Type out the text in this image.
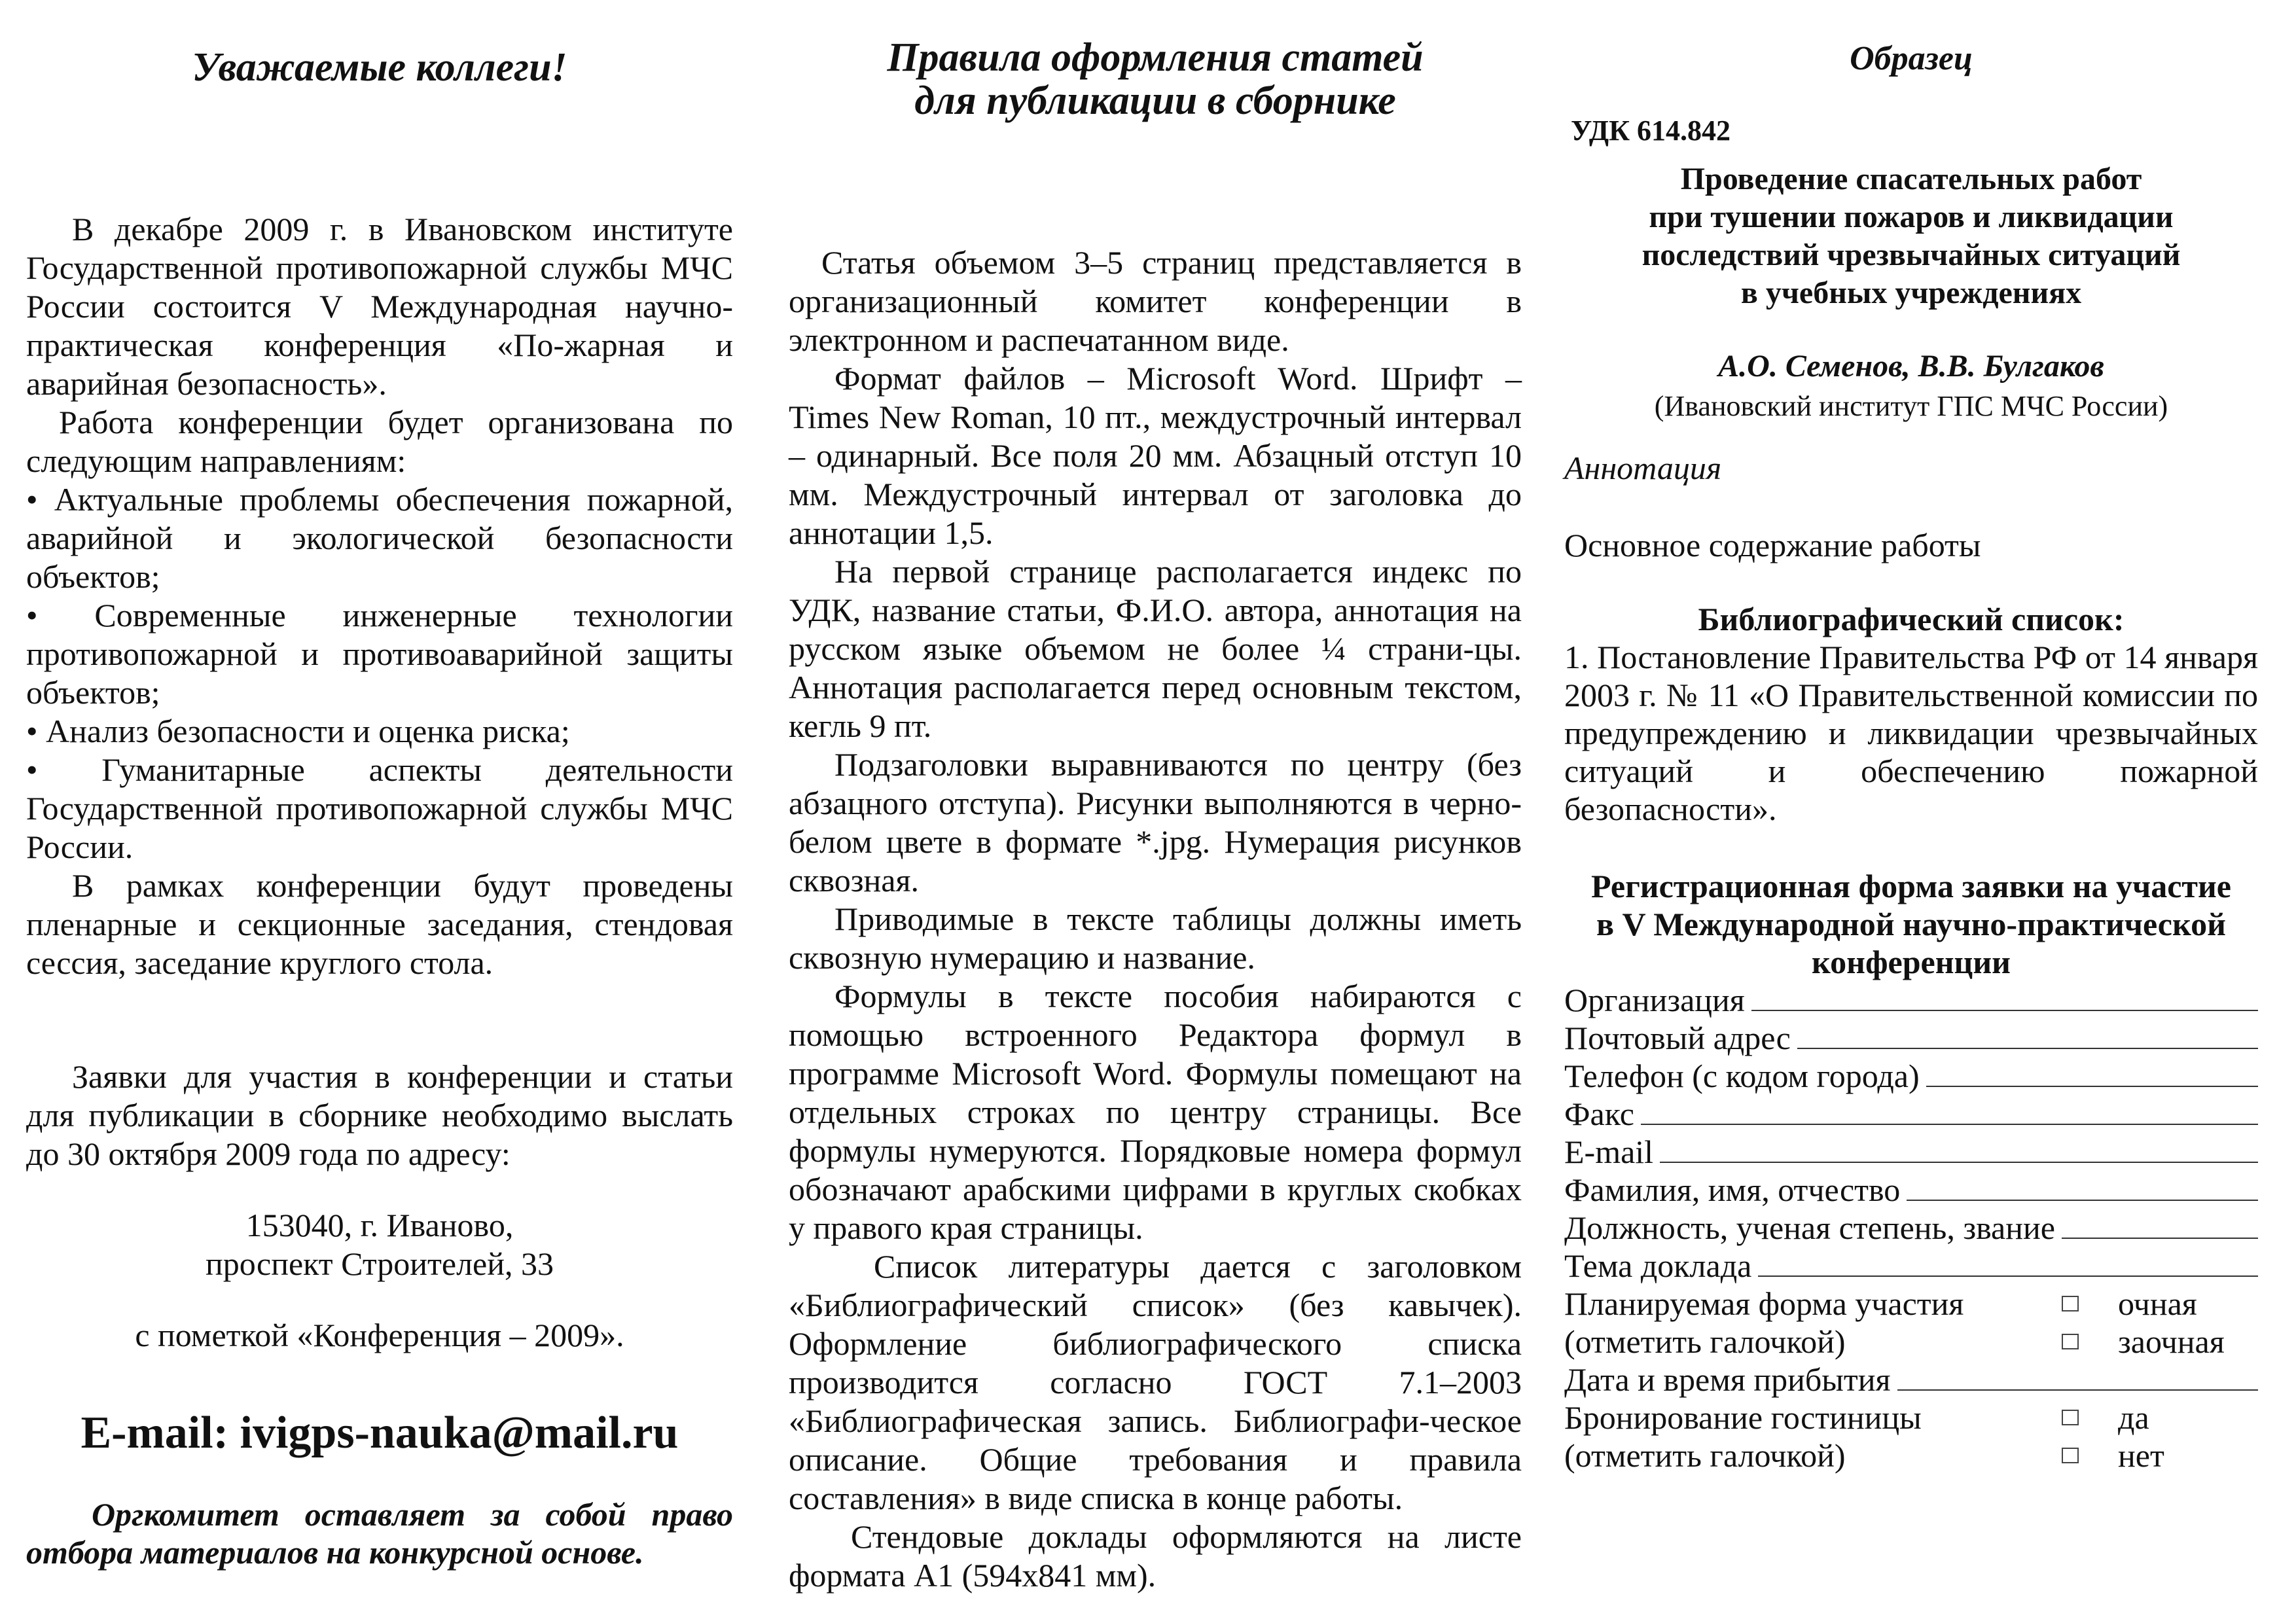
Уважаемые коллеги!

В декабре 2009 г. в Ивановском институте Государственной противопожарной службы МЧС России состоится V Международная научно-практическая конференция «По-жарная и аварийная безопасность».

Работа конференции будет организована по следующим направлениям:

• Актуальные проблемы обеспечения пожарной, аварийной и экологической безопасности объектов;

• Современные инженерные технологии противопожарной и противоаварийной защиты объектов;

• Анализ безопасности и оценка риска;

• Гуманитарные аспекты деятельности Государственной противопожарной службы МЧС России.

В рамках конференции будут проведены пленарные и секционные заседания, стендовая сессия, заседание круглого стола.

Заявки для участия в конференции и статьи для публикации в сборнике необходимо выслать до 30 октября 2009 года по адресу:

153040, г. Иваново,

проспект Строителей, 33

с пометкой «Конференция – 2009».

E-mail: ivigps-nauka@mail.ru

Оргкомитет оставляет за собой право отбора материалов на конкурсной основе.

Правила оформления статей
для публикации в сборнике

Статья объемом 3–5 страниц представляется в организационный комитет конференции в электронном и распечатанном виде.

Формат файлов – Microsoft Word. Шрифт – Times New Roman, 10 пт., междустрочный интервал – одинарный. Все поля 20 мм. Абзацный отступ 10 мм. Междустрочный интервал от заголовка до аннотации 1,5.

На первой странице располагается индекс по УДК, название статьи, Ф.И.О. автора, аннотация на русском языке объемом не более ¼ страни-цы. Аннотация располагается перед основным текстом, кегль 9 пт.

Подзаголовки выравниваются по центру (без абзацного отступа). Рисунки выполняются в черно-белом цвете в формате *.jpg. Нумерация рисунков сквозная.

Приводимые в тексте таблицы должны иметь сквозную нумерацию и название.

Формулы в тексте пособия набираются с помощью встроенного Редактора формул в программе Microsoft Word. Формулы помещают на отдельных строках по центру страницы. Все формулы нумеруются. Порядковые номера формул обозначают арабскими цифрами в круглых скобках у правого края страницы.

Список литературы дается с заголовком «Библиографический список» (без кавычек). Оформление библиографического списка производится согласно ГОСТ 7.1–2003 «Библиографическая запись. Библиографи-ческое описание. Общие требования и правила составления» в виде списка в конце работы.

Стендовые доклады оформляются на листе формата А1 (594х841 мм).

Образец

УДК 614.842

Проведение спасательных работ
при тушении пожаров и ликвидации
последствий чрезвычайных ситуаций
в учебных учреждениях

А.О. Семенов, В.В. Булгаков

(Ивановский институт ГПС МЧС России)

Аннотация

Основное содержание работы

Библиографический список:

1. Постановление Правительства РФ от 14 января 2003 г. № 11 «О Правительственной комиссии по предупреждению и ликвидации чрезвычайных ситуаций и обеспечению пожарной безопасности».

Регистрационная форма заявки на участие
в V Международной научно-практической
конференции

Организация
Почтовый адрес
Телефон (с кодом города)
Факс
E-mail
Фамилия, имя, отчество
Должность, ученая степень, звание
Тема доклада
Планируемая форма участия	очная
(отметить галочкой)	заочная
Дата и время прибытия
Бронирование гостиницы	да
(отметить галочкой)	нет
